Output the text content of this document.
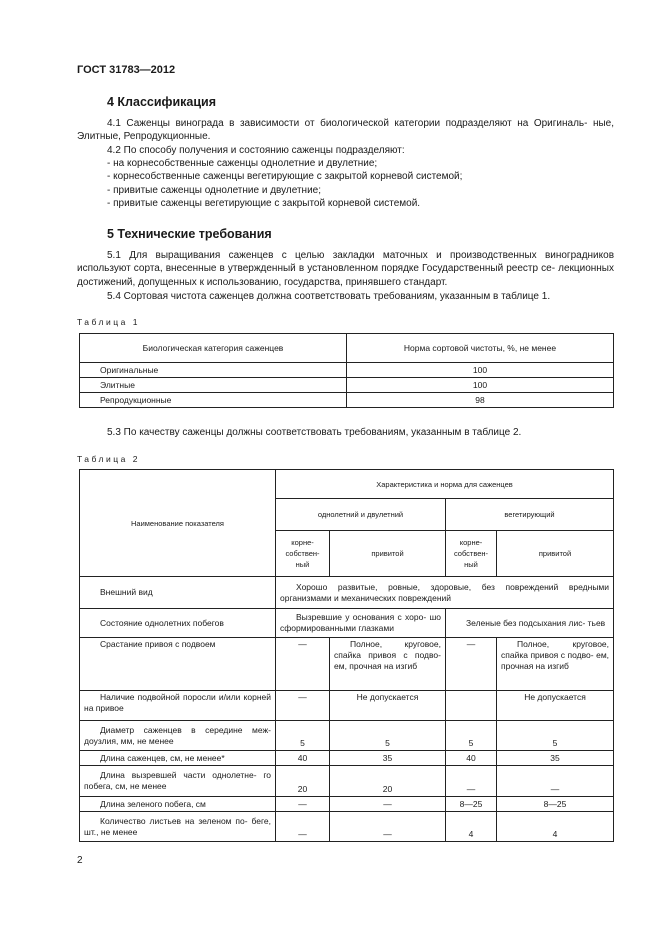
ГОСТ 31783—2012
4 Классификация
4.1 Саженцы винограда в зависимости от биологической категории подразделяют на Оригиналь- ные, Элитные, Репродукционные.
4.2 По способу получения и состоянию саженцы подразделяют:
- на корнесобственные саженцы однолетние и двулетние;
- корнесобственные саженцы вегетирующие с закрытой корневой системой;
- привитые саженцы однолетние и двулетние;
- привитые саженцы вегетирующие с закрытой корневой системой.
5 Технические требования
5.1 Для выращивания саженцев с целью закладки маточных и производственных виноградников используют сорта, внесенные в утвержденный в установленном порядке Государственный реестр се- лекционных достижений, допущенных к использованию, государства, принявшего стандарт.
5.4 Сортовая чистота саженцев должна соответствовать требованиям, указанным в таблице 1.
Таблица 1
Биологическая категория саженцев	Норма сортовой чистоты, %, не менее
Оригинальные	100
Элитные	100
Репродукционные	98
5.3 По качеству саженцы должны соответствовать требованиям, указанным в таблице 2.
Таблица 2
Наименование показателя	Характеристика и норма для саженцев			
	однолетний и двулетний		вегетирующий	
	корне-
собствен-
ный	привитой	корне-
собствен-
ный	привитой
Внешний вид	Хорошо развитые, ровные, здоровые, без повреждений вредными организмами и механических повреждений			
Состояние однолетних побегов	Вызревшие у основания с хоро- шо сформированными глазками		Зеленые без подсыхания лис- тьев	
Срастание привоя с подвоем	—	Полное, круговое, спайка привоя с подво- ем, прочная на изгиб	—	Полное, круговое, спайка привоя с подво- ем, прочная на изгиб
Наличие подвойной поросли и/или корней на привое	—	Не допускается		Не допускается
Диаметр саженцев в середине меж- доузлия, мм, не менее	5	5	5	5
Длина саженцев, см, не менее*	40	35	40	35
Длина вызревшей части однолетне- го побега, см, не менее	20	20	—	—
Длина зеленого побега, см	—	—	8—25	8—25
Количество листьев на зеленом по- беге, шт., не менее	—	—	4	4
2
